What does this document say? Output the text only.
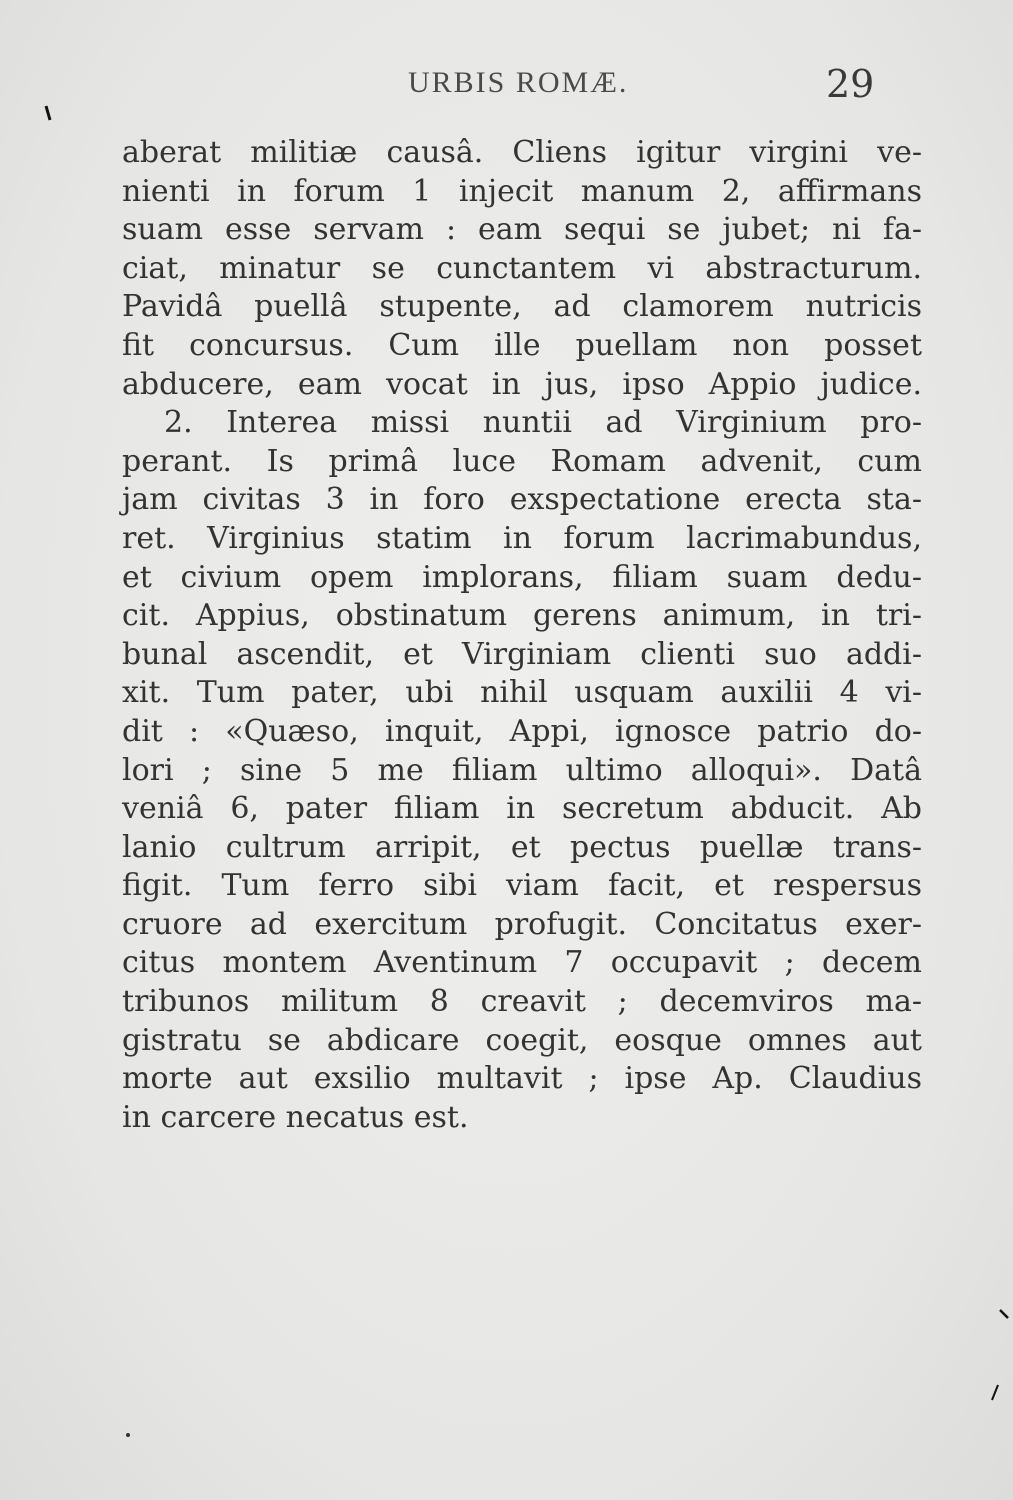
URBIS ROMÆ.	29
aberat militiæ causâ. Cliens igitur virgini ve-
nienti in forum 1 injecit manum 2, affirmans
suam esse servam : eam sequi se jubet; ni fa-
ciat, minatur se cunctantem vi abstracturum.
Pavidâ puellâ stupente, ad clamorem nutricis
fit concursus. Cum ille puellam non posset
abducere, eam vocat in jus, ipso Appio judice.
2. Interea missi nuntii ad Virginium pro-
perant. Is primâ luce Romam advenit, cum
jam civitas 3 in foro exspectatione erecta sta-
ret. Virginius statim in forum lacrimabundus,
et civium opem implorans, filiam suam dedu-
cit. Appius, obstinatum gerens animum, in tri-
bunal ascendit, et Virginiam clienti suo addi-
xit. Tum pater, ubi nihil usquam auxilii 4 vi-
dit : «Quæso, inquit, Appi, ignosce patrio do-
lori ; sine 5 me filiam ultimo alloqui». Datâ
veniâ 6, pater filiam in secretum abducit. Ab
lanio cultrum arripit, et pectus puellæ trans-
figit. Tum ferro sibi viam facit, et respersus
cruore ad exercitum profugit. Concitatus exer-
citus montem Aventinum 7 occupavit ; decem
tribunos militum 8 creavit ; decemviros ma-
gistratu se abdicare coegit, eosque omnes aut
morte aut exsilio multavit ; ipse Ap. Claudius
in carcere necatus est.
